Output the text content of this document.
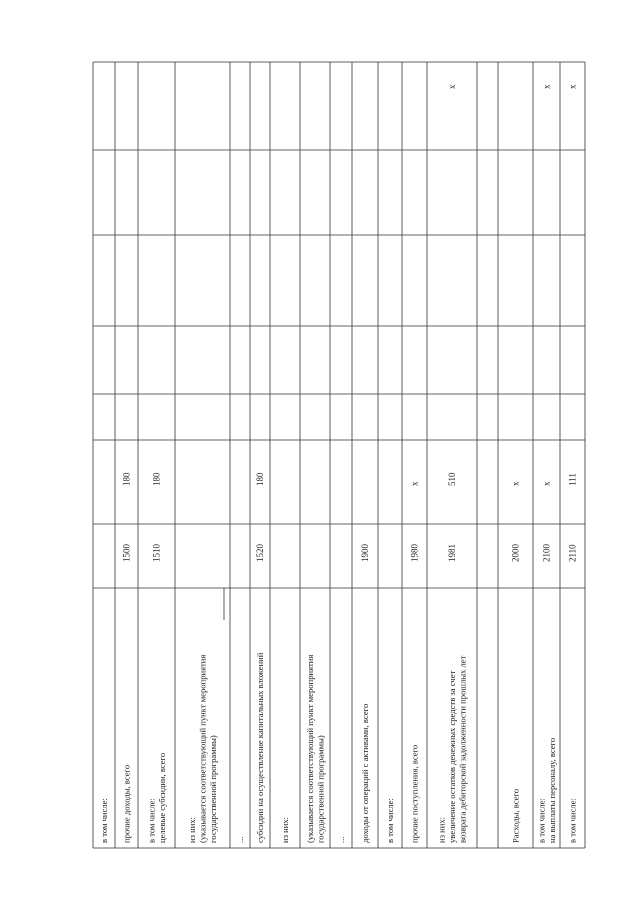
в том числе: прочие доходы, всего
1500
180
в том числе: целевые субсидии, всего
1510
180
из них: (указывается соответствующий пункт мероприятия государственной программы) ... субсидии на осуществление капитальных вложений
1520
180
из них: (указывается соответствующий пункт мероприятия государственной программы) ... доходы от операций с активами, всего
1900
в том числе: прочие поступления, всего
1980
x
из них: увеличение остатков денежных средств за счет возврата дебиторской задолженности прошлых лет
1981
510
x
Расходы, всего
2000
x
в том числе: на выплаты персоналу, всего
2100
x
x
в том числе:
2110
111
x
